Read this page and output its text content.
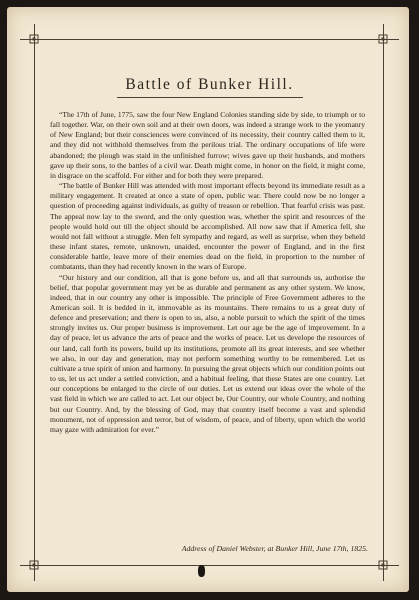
Battle of Bunker Hill.

“The 17th of June, 1775, saw the four New England Colonies standing side by side, to triumph or to fall together. War, on their own soil and at their own doors, was indeed a strange work to the yeomanry of New England; but their consciences were convinced of its necessity, their country called them to it, and they did not withhold themselves from the perilous trial. The ordinary occupations of life were abandoned; the plough was staid in the unfinished furrow; wives gave up their husbands, and mothers gave up their sons, to the battles of a civil war. Death might come, in honor on the field, it might come, in disgrace on the scaffold. For either and for both they were prepared.

“The battle of Bunker Hill was attended with most important effects beyond its immediate result as a military engagement. It created at once a state of open, public war. There could now be no longer a question of proceeding against individuals, as guilty of treason or rebellion. That fearful crisis was past. The appeal now lay to the sword, and the only question was, whether the spirit and resources of the people would hold out till the object should be accomplished. All now saw that if America fell, she would not fall without a struggle. Men felt sympathy and regard, as well as surprise, when they beheld these infant states, remote, unknown, unaided, encounter the power of England, and in the first considerable battle, leave more of their enemies dead on the field, in proportion to the number of combatants, than they had recently known in the wars of Europe.

“Our history and our condition, all that is gone before us, and all that surrounds us, authorise the belief, that popular government may yet be as durable and permanent as any other system. We know, indeed, that in our country any other is impossible. The principle of Free Government adheres to the American soil. It is bedded in it, immovable as its mountains. There remains to us a great duty of defence and preservation; and there is open to us, also, a noble pursuit to which the spirit of the times strongly invites us. Our proper business is improvement. Let our age be the age of improvement. In a day of peace, let us advance the arts of peace and the works of peace. Let us develope the resources of our land, call forth its powers, build up its institutions, promote all its great interests, and see whether we also, in our day and generation, may not perform something worthy to be remembered. Let us cultivate a true spirit of union and harmony. In pursuing the great objects which our condition points out to us, let us act under a settled conviction, and a habitual feeling, that these States are one country. Let our conceptions be enlarged to the circle of our duties. Let us extend our ideas over the whole of the vast field in which we are called to act. Let our object be, Our Country, our whole Country, and nothing but our Country. And, by the blessing of God, may that country itself become a vast and splendid monument, not of oppression and terror, but of wisdom, of peace, and of liberty, upon which the world may gaze with admiration for ever.”

Address of Daniel Webster, at Bunker Hill, June 17th, 1825.
